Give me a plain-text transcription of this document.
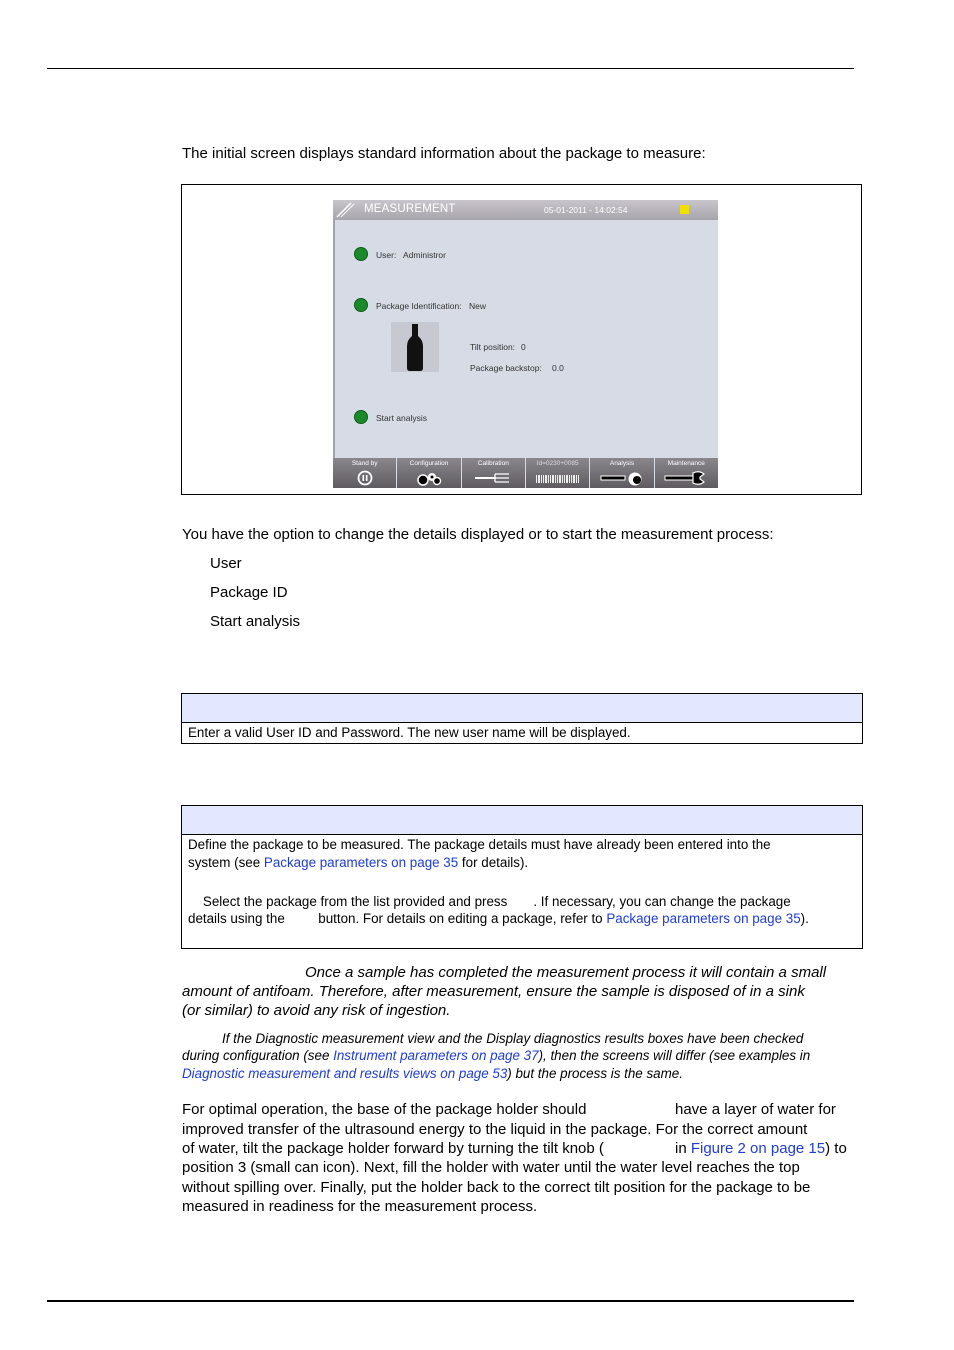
The initial screen displays standard information about the package to measure:
MEASUREMENT	05-01-2011 - 14:02:54
User: Administror
Package Identification: New
Tilt position: 0
Package backstop: 0.0
Start analysis
Stand by	Configuration	Calibration	Id=0230+0085	Analysis	Maintenance
You have the option to change the details displayed or to start the measurement process:
User
Package ID
Start analysis
Enter a valid User ID and Password. The new user name will be displayed.
Define the package to be measured. The package details must have already been entered into the
system (see Package parameters on page 35 for details).

Select the package from the list provided and press       . If necessary, you can change the package
details using the         button. For details on editing a package, refer to Package parameters on page 35).

Once a sample has completed the measurement process it will contain a small
amount of antifoam. Therefore, after measurement, ensure the sample is disposed of in a sink
(or similar) to avoid any risk of ingestion.
If the Diagnostic measurement view and the Display diagnostics results boxes have been checked
during configuration (see Instrument parameters on page 37), then the screens will differ (see examples in
Diagnostic measurement and results views on page 53) but the process is the same.
For optimal operation, the base of the package holder should	have a layer of water for
improved transfer of the ultrasound energy to the liquid in the package. For the correct amount
of water, tilt the package holder forward by turning the tilt knob (	in Figure 2 on page 15) to
position 3 (small can icon). Next, fill the holder with water until the water level reaches the top
without spilling over. Finally, put the holder back to the correct tilt position for the package to be
measured in readiness for the measurement process.
